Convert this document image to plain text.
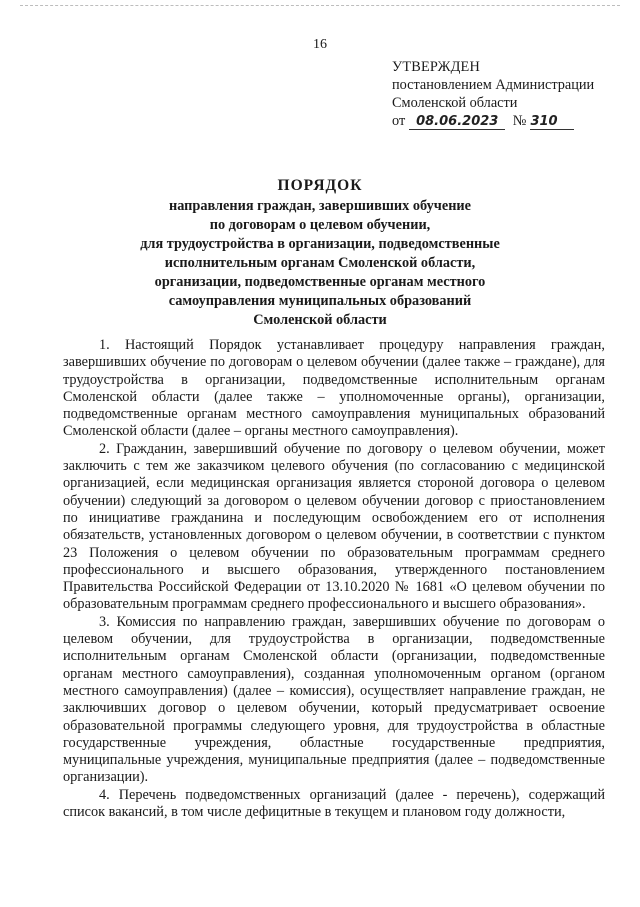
16
УТВЕРЖДЕН
постановлением Администрации
Смоленской области
от 08.06.2023 № 310
ПОРЯДОК
направления граждан, завершивших обучение
по договорам о целевом обучении,
для трудоустройства в организации, подведомственные
исполнительным органам Смоленской области,
организации, подведомственные органам местного
самоуправления муниципальных образований
Смоленской области

1. Настоящий Порядок устанавливает процедуру направления граждан, завершивших обучение по договорам о целевом обучении (далее также – граждане), для трудоустройства в организации, подведомственные исполнительным органам Смоленской области (далее также – уполномоченные органы), организации, подведомственные органам местного самоуправления муниципальных образований Смоленской области (далее – органы местного самоуправления).

2. Гражданин, завершивший обучение по договору о целевом обучении, может заключить с тем же заказчиком целевого обучения (по согласованию с медицинской организацией, если медицинская организация является стороной договора о целевом обучении) следующий за договором о целевом обучении договор с приостановлением по инициативе гражданина и последующим освобождением его от исполнения обязательств, установленных договором о целевом обучении, в соответствии с пунктом 23 Положения о целевом обучении по образовательным программам среднего профессионального и высшего образования, утвержденного постановлением Правительства Российской Федерации от 13.10.2020 № 1681 «О целевом обучении по образовательным программам среднего профессионального и высшего образования».

3. Комиссия по направлению граждан, завершивших обучение по договорам о целевом обучении, для трудоустройства в организации, подведомственные исполнительным органам Смоленской области (организации, подведомственные органам местного самоуправления), созданная уполномоченным органом (органом местного самоуправления) (далее – комиссия), осуществляет направление граждан, не заключивших договор о целевом обучении, который предусматривает освоение образовательной программы следующего уровня, для трудоустройства в областные государственные учреждения, областные государственные предприятия, муниципальные учреждения, муниципальные предприятия (далее – подведомственные организации).

4. Перечень подведомственных организаций (далее - перечень), содержащий список вакансий, в том числе дефицитные в текущем и плановом году должности,
